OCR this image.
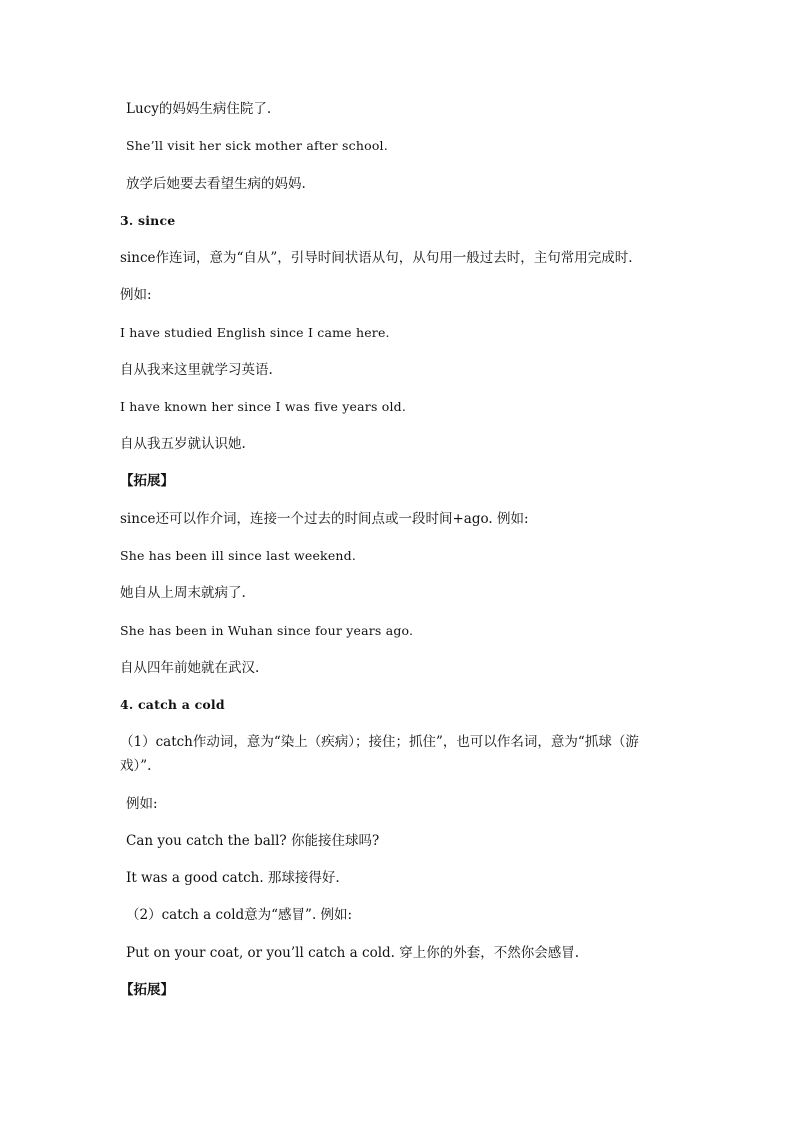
Lucy的妈妈生病住院了.
She’ll visit her sick mother after school.
放学后她要去看望生病的妈妈.
3. since
since作连词，意为“自从”，引导时间状语从句，从句用一般过去时，主句常用完成时.
例如:
I have studied English since I came here.
自从我来这里就学习英语.
I have known her since I was five years old.
自从我五岁就认识她.
【拓展】
since还可以作介词，连接一个过去的时间点或一段时间+ago. 例如:
She has been ill since last weekend.
她自从上周末就病了.
She has been in Wuhan since four years ago.
自从四年前她就在武汉.
4. catch a cold
（1）catch作动词，意为“染上（疾病）；接住；抓住”，也可以作名词，意为“抓球（游
戏）”.
例如:
Can you catch the ball? 你能接住球吗?
It was a good catch. 那球接得好.
（2）catch a cold意为“感冒”. 例如:
Put on your coat, or you’ll catch a cold. 穿上你的外套，不然你会感冒.
【拓展】
